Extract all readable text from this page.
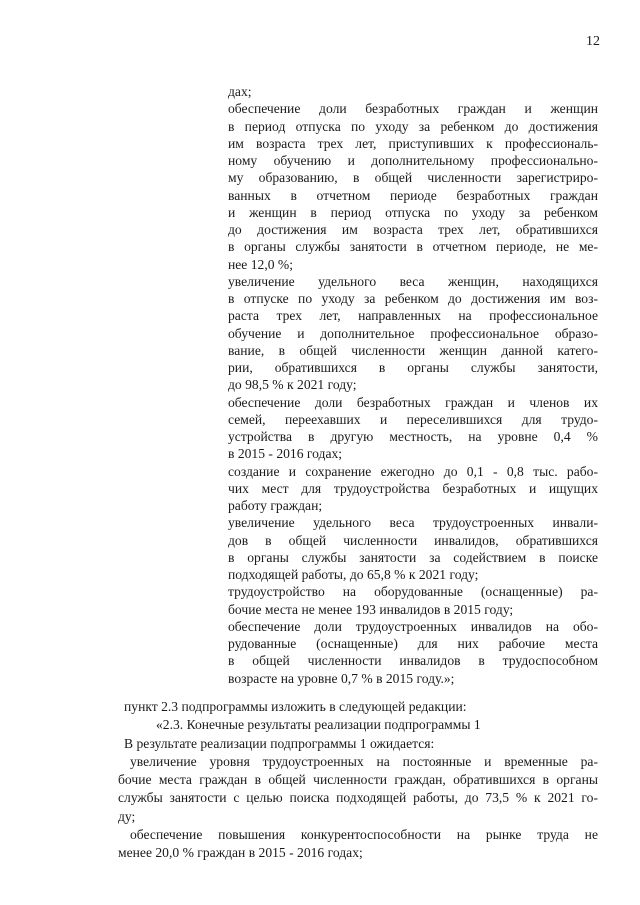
12
дах;
обеспечение доли безработных граждан и женщин
в период отпуска по уходу за ребенком до достижения
им возраста трех лет, приступивших к профессиональ-
ному обучению и дополнительному профессионально-
му образованию, в общей численности зарегистриро-
ванных в отчетном периоде безработных граждан
и женщин в период отпуска по уходу за ребенком
до достижения им возраста трех лет, обратившихся
в органы службы занятости в отчетном периоде, не ме-
нее 12,0 %;
увеличение удельного веса женщин, находящихся
в отпуске по уходу за ребенком до достижения им воз-
раста трех лет, направленных на профессиональное
обучение и дополнительное профессиональное образо-
вание, в общей численности женщин данной катего-
рии, обратившихся в органы службы занятости,
до 98,5 % к 2021 году;
обеспечение доли безработных граждан и членов их
семей, переехавших и переселившихся для трудо-
устройства в другую местность, на уровне 0,4 %
в 2015 - 2016 годах;
создание и сохранение ежегодно до 0,1 - 0,8 тыс. рабо-
чих мест для трудоустройства безработных и ищущих
работу граждан;
увеличение удельного веса трудоустроенных инвали-
дов в общей численности инвалидов, обратившихся
в органы службы занятости за содействием в поиске
подходящей работы, до 65,8 % к 2021 году;
трудоустройство на оборудованные (оснащенные) ра-
бочие места не менее 193 инвалидов в 2015 году;
обеспечение доли трудоустроенных инвалидов на обо-
рудованные (оснащенные) для них рабочие места
в общей численности инвалидов в трудоспособном
возрасте на уровне 0,7 % в 2015 году.»;
пункт 2.3 подпрограммы изложить в следующей редакции:
«2.3. Конечные результаты реализации подпрограммы 1
В результате реализации подпрограммы 1 ожидается:
увеличение уровня трудоустроенных на постоянные и временные ра-
бочие места граждан в общей численности граждан, обратившихся в органы
службы занятости с целью поиска подходящей работы, до 73,5 % к 2021 го-
ду;
обеспечение повышения конкурентоспособности на рынке труда не
менее 20,0 % граждан в 2015 - 2016 годах;
